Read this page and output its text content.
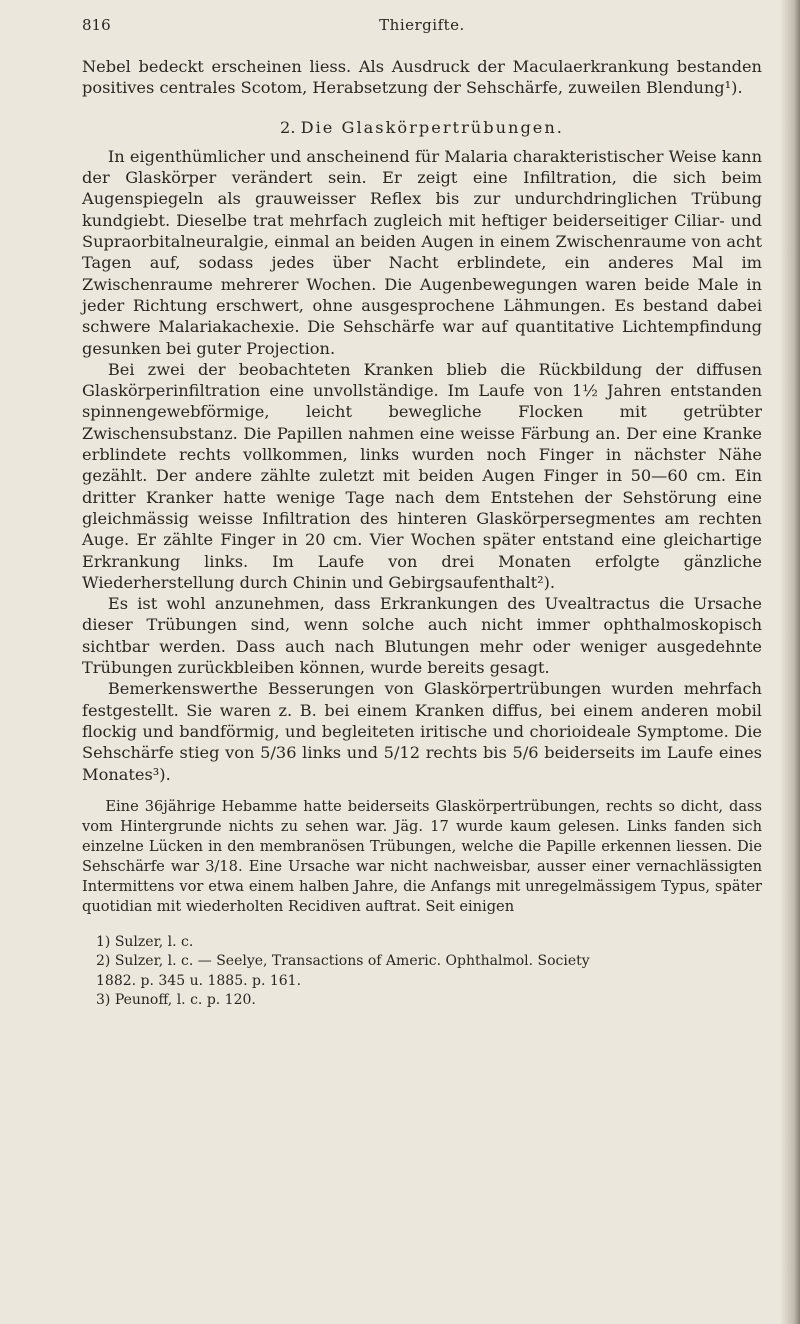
816	Thiergifte.

Nebel bedeckt erscheinen liess. Als Ausdruck der Maculaerkrankung bestanden positives centrales Scotom, Herabsetzung der Sehschärfe, zuweilen Blendung¹).

2. Die Glaskörpertrübungen.

In eigenthümlicher und anscheinend für Malaria charakteristischer Weise kann der Glaskörper verändert sein. Er zeigt eine Infiltration, die sich beim Augenspiegeln als grauweisser Reflex bis zur undurchdringlichen Trübung kundgiebt. Dieselbe trat mehrfach zugleich mit heftiger beiderseitiger Ciliar- und Supraorbitalneuralgie, einmal an beiden Augen in einem Zwischenraume von acht Tagen auf, sodass jedes über Nacht erblindete, ein anderes Mal im Zwischenraume mehrerer Wochen. Die Augenbewegungen waren beide Male in jeder Richtung erschwert, ohne ausgesprochene Lähmungen. Es bestand dabei schwere Malariakachexie. Die Sehschärfe war auf quantitative Lichtempfindung gesunken bei guter Projection.

Bei zwei der beobachteten Kranken blieb die Rückbildung der diffusen Glaskörperinfiltration eine unvollständige. Im Laufe von 1½ Jahren entstanden spinnengewebförmige, leicht bewegliche Flocken mit getrübter Zwischensubstanz. Die Papillen nahmen eine weisse Färbung an. Der eine Kranke erblindete rechts vollkommen, links wurden noch Finger in nächster Nähe gezählt. Der andere zählte zuletzt mit beiden Augen Finger in 50—60 cm. Ein dritter Kranker hatte wenige Tage nach dem Entstehen der Sehstörung eine gleichmässig weisse Infiltration des hinteren Glaskörpersegmentes am rechten Auge. Er zählte Finger in 20 cm. Vier Wochen später entstand eine gleichartige Erkrankung links. Im Laufe von drei Monaten erfolgte gänzliche Wiederherstellung durch Chinin und Gebirgsaufenthalt²).

Es ist wohl anzunehmen, dass Erkrankungen des Uvealtractus die Ursache dieser Trübungen sind, wenn solche auch nicht immer ophthalmoskopisch sichtbar werden. Dass auch nach Blutungen mehr oder weniger ausgedehnte Trübungen zurückbleiben können, wurde bereits gesagt.

Bemerkenswerthe Besserungen von Glaskörpertrübungen wurden mehrfach festgestellt. Sie waren z. B. bei einem Kranken diffus, bei einem anderen mobil flockig und bandförmig, und begleiteten iritische und chorioideale Symptome. Die Sehschärfe stieg von 5/36 links und 5/12 rechts bis 5/6 beiderseits im Laufe eines Monates³).

Eine 36jährige Hebamme hatte beiderseits Glaskörpertrübungen, rechts so dicht, dass vom Hintergrunde nichts zu sehen war. Jäg. 17 wurde kaum gelesen. Links fanden sich einzelne Lücken in den membranösen Trübungen, welche die Papille erkennen liessen. Die Sehschärfe war 3/18. Eine Ursache war nicht nachweisbar, ausser einer vernachlässigten Intermittens vor etwa einem halben Jahre, die Anfangs mit unregelmässigem Typus, später quotidian mit wiederholten Recidiven auftrat. Seit einigen

1) Sulzer, l. c.

2) Sulzer, l. c. — Seelye, Transactions of Americ. Ophthalmol. Society

1882. p. 345 u. 1885. p. 161.

3) Peunoff, l. c. p. 120.
